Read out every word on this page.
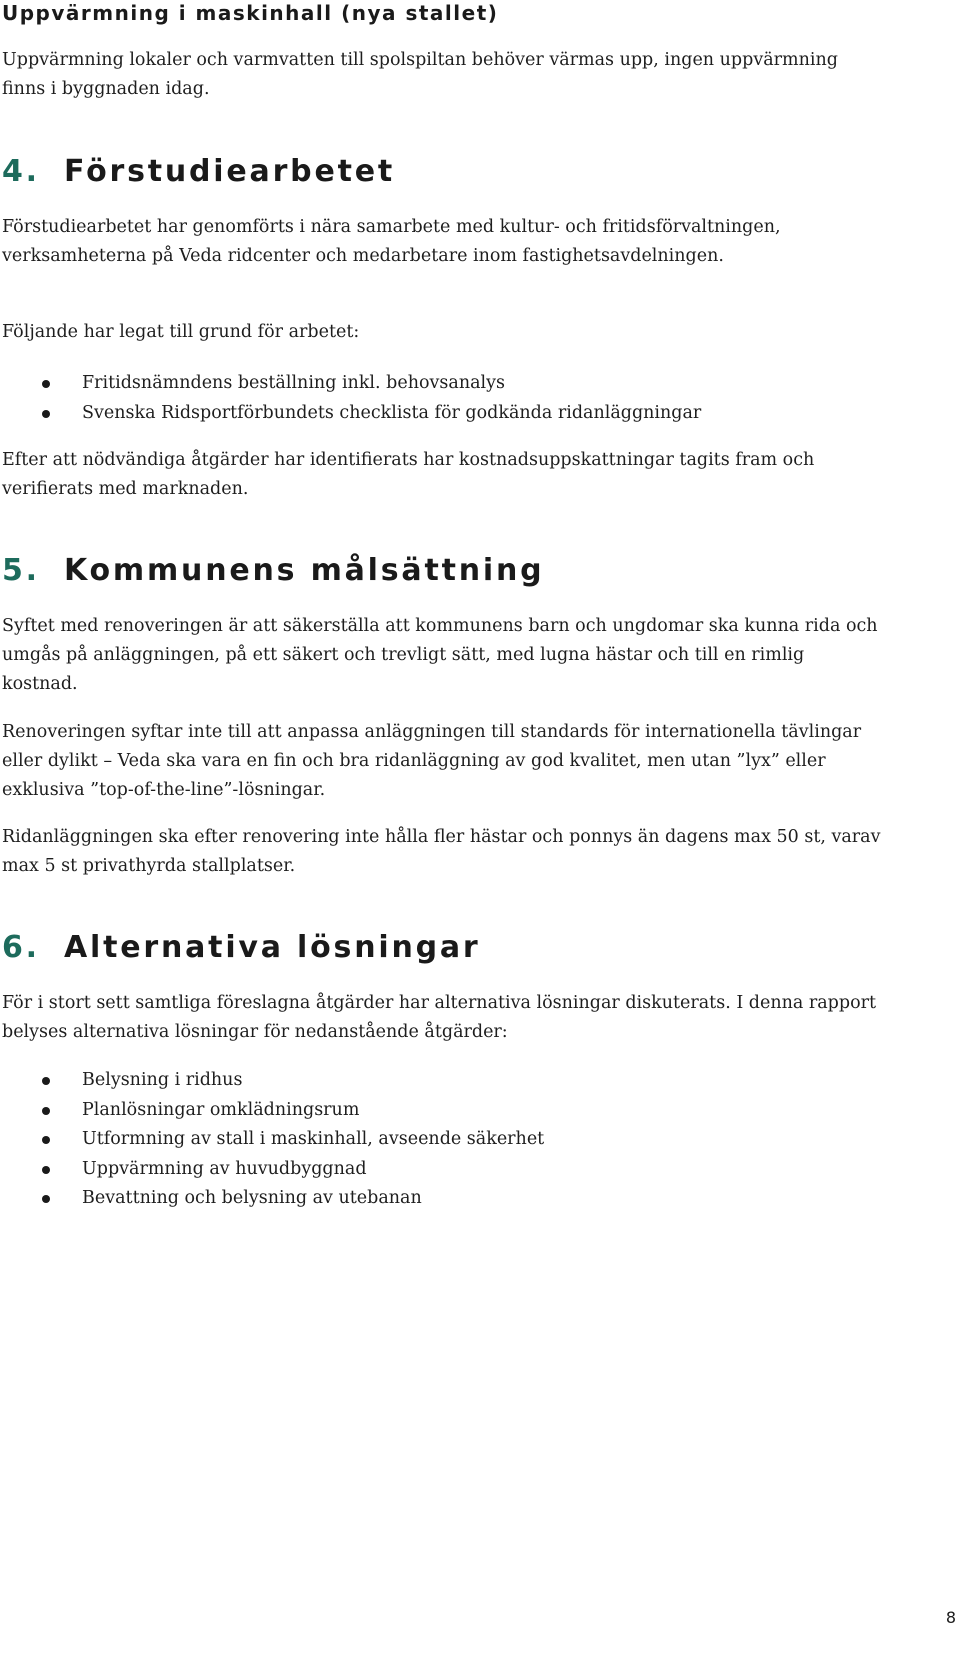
Uppvärmning i maskinhall (nya stallet)

Uppvärmning lokaler och varmvatten till spolspiltan behöver värmas upp, ingen uppvärmning finns i byggnaden idag.

4. Förstudiearbetet

Förstudiearbetet har genomförts i nära samarbete med kultur- och fritidsförvaltningen, verksamheterna på Veda ridcenter och medarbetare inom fastighetsavdelningen.

Följande har legat till grund för arbetet:

Fritidsnämndens beställning inkl. behovsanalys
Svenska Ridsportförbundets checklista för godkända ridanläggningar

Efter att nödvändiga åtgärder har identifierats har kostnadsuppskattningar tagits fram och verifierats med marknaden.

5. Kommunens målsättning

Syftet med renoveringen är att säkerställa att kommunens barn och ungdomar ska kunna rida och umgås på anläggningen, på ett säkert och trevligt sätt, med lugna hästar och till en rimlig kostnad.

Renoveringen syftar inte till att anpassa anläggningen till standards för internationella tävlingar eller dylikt – Veda ska vara en fin och bra ridanläggning av god kvalitet, men utan ”lyx” eller exklusiva ”top-of-the-line”-lösningar.

Ridanläggningen ska efter renovering inte hålla fler hästar och ponnys än dagens max 50 st, varav max 5 st privathyrda stallplatser.

6. Alternativa lösningar

För i stort sett samtliga föreslagna åtgärder har alternativa lösningar diskuterats. I denna rapport belyses alternativa lösningar för nedanstående åtgärder:

Belysning i ridhus
Planlösningar omklädningsrum
Utformning av stall i maskinhall, avseende säkerhet
Uppvärmning av huvudbyggnad
Bevattning och belysning av utebanan
8
